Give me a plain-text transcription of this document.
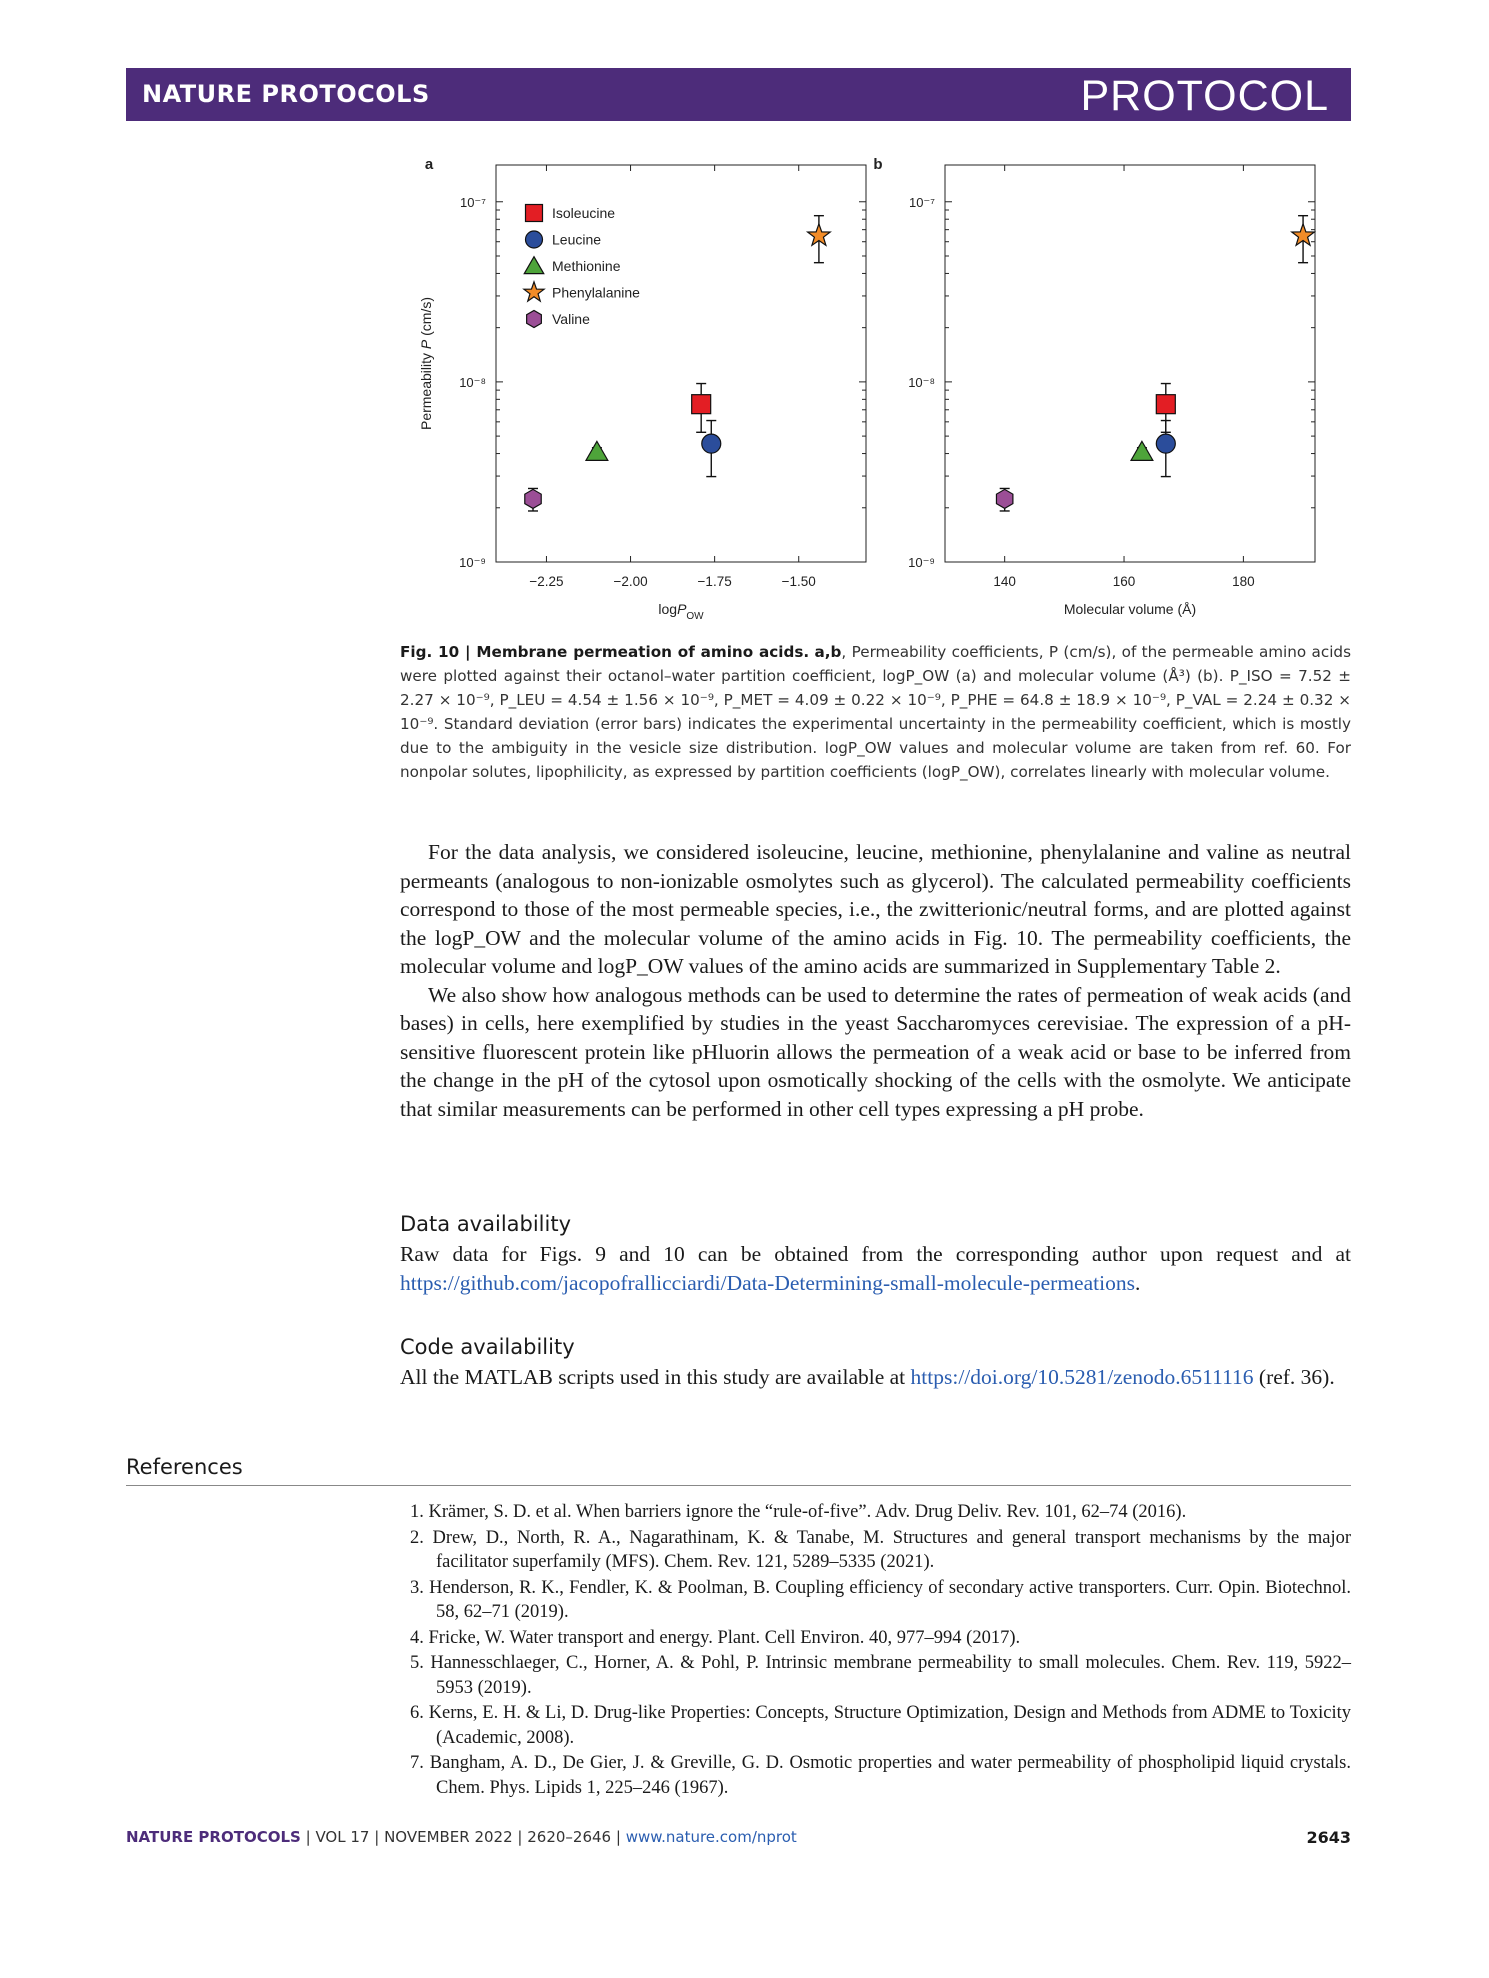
NATURE PROTOCOLS	PROTOCOL
a
10⁻⁹
10⁻⁸
10⁻⁷
−2.25	−2.00	−1.75	−1.50
logP$_{OW}$
Permeability P (cm/s)
Isoleucine
Leucine
Methionine
Phenylalanine
Valine
b
10⁻⁹
10⁻⁸
10⁻⁷
140	160	180
Molecular volume (Å)
Fig. 10 | Membrane permeation of amino acids. a,b, Permeability coefficients, P (cm/s), of the permeable amino acids were plotted against their octanol–water partition coefficient, logP_OW (a) and molecular volume (Å³) (b). P_ISO = 7.52 ± 2.27 × 10⁻⁹, P_LEU = 4.54 ± 1.56 × 10⁻⁹, P_MET = 4.09 ± 0.22 × 10⁻⁹, P_PHE = 64.8 ± 18.9 × 10⁻⁹, P_VAL = 2.24 ± 0.32 × 10⁻⁹. Standard deviation (error bars) indicates the experimental uncertainty in the permeability coefficient, which is mostly due to the ambiguity in the vesicle size distribution. logP_OW values and molecular volume are taken from ref. 60. For nonpolar solutes, lipophilicity, as expressed by partition coefficients (logP_OW), correlates linearly with molecular volume.

For the data analysis, we considered isoleucine, leucine, methionine, phenylalanine and valine as neutral permeants (analogous to non-ionizable osmolytes such as glycerol). The calculated permeability coefficients correspond to those of the most permeable species, i.e., the zwitterionic/neutral forms, and are plotted against the logP_OW and the molecular volume of the amino acids in Fig. 10. The permeability coefficients, the molecular volume and logP_OW values of the amino acids are summarized in Supplementary Table 2.

We also show how analogous methods can be used to determine the rates of permeation of weak acids (and bases) in cells, here exemplified by studies in the yeast Saccharomyces cerevisiae. The expression of a pH-sensitive fluorescent protein like pHluorin allows the permeation of a weak acid or base to be inferred from the change in the pH of the cytosol upon osmotically shocking of the cells with the osmolyte. We anticipate that similar measurements can be performed in other cell types expressing a pH probe.

Data availability
Raw data for Figs. 9 and 10 can be obtained from the corresponding author upon request and at https://github.com/jacopofrallicciardi/Data-Determining-small-molecule-permeations.
Code availability
All the MATLAB scripts used in this study are available at https://doi.org/10.5281/zenodo.6511116 (ref. 36).
References
1. Krämer, S. D. et al. When barriers ignore the “rule-of-five”. Adv. Drug Deliv. Rev. 101, 62–74 (2016).
2. Drew, D., North, R. A., Nagarathinam, K. & Tanabe, M. Structures and general transport mechanisms by the major facilitator superfamily (MFS). Chem. Rev. 121, 5289–5335 (2021).
3. Henderson, R. K., Fendler, K. & Poolman, B. Coupling efficiency of secondary active transporters. Curr. Opin. Biotechnol. 58, 62–71 (2019).
4. Fricke, W. Water transport and energy. Plant. Cell Environ. 40, 977–994 (2017).
5. Hannesschlaeger, C., Horner, A. & Pohl, P. Intrinsic membrane permeability to small molecules. Chem. Rev. 119, 5922–5953 (2019).
6. Kerns, E. H. & Li, D. Drug-like Properties: Concepts, Structure Optimization, Design and Methods from ADME to Toxicity (Academic, 2008).
7. Bangham, A. D., De Gier, J. & Greville, G. D. Osmotic properties and water permeability of phospholipid liquid crystals. Chem. Phys. Lipids 1, 225–246 (1967).
NATURE PROTOCOLS | VOL 17 | NOVEMBER 2022 | 2620–2646 | www.nature.com/nprot	2643
